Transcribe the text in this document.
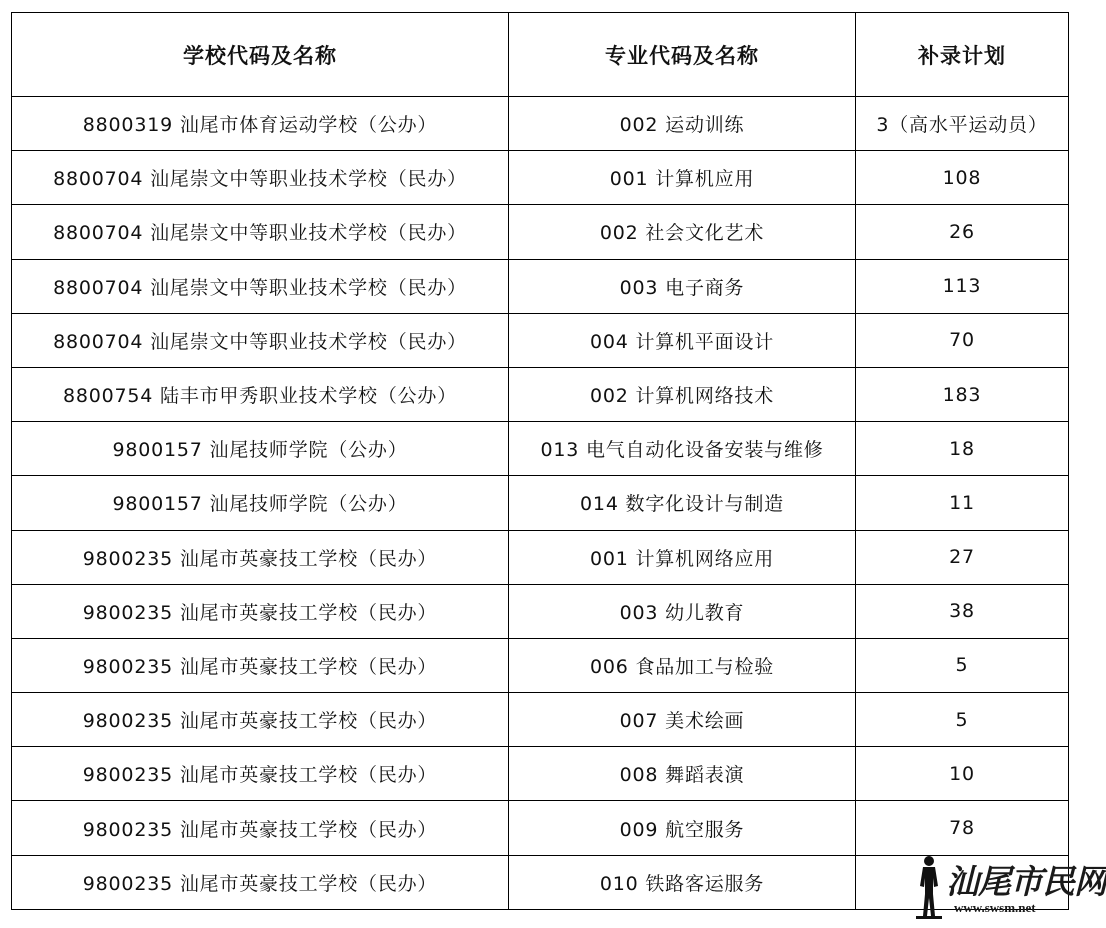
学校代码及名称	专业代码及名称	补录计划
8800319 汕尾市体育运动学校（公办）	002 运动训练	3（高水平运动员）
8800704 汕尾崇文中等职业技术学校（民办）	001 计算机应用	108
8800704 汕尾崇文中等职业技术学校（民办）	002 社会文化艺术	26
8800704 汕尾崇文中等职业技术学校（民办）	003 电子商务	113
8800704 汕尾崇文中等职业技术学校（民办）	004 计算机平面设计	70
8800754 陆丰市甲秀职业技术学校（公办）	002 计算机网络技术	183
9800157 汕尾技师学院（公办）	013 电气自动化设备安装与维修	18
9800157 汕尾技师学院（公办）	014 数字化设计与制造	11
9800235 汕尾市英豪技工学校（民办）	001 计算机网络应用	27
9800235 汕尾市英豪技工学校（民办）	003 幼儿教育	38
9800235 汕尾市英豪技工学校（民办）	006 食品加工与检验	5
9800235 汕尾市英豪技工学校（民办）	007 美术绘画	5
9800235 汕尾市英豪技工学校（民办）	008 舞蹈表演	10
9800235 汕尾市英豪技工学校（民办）	009 航空服务	78
9800235 汕尾市英豪技工学校（民办）	010 铁路客运服务		汕尾市民网
www.swsm.net
